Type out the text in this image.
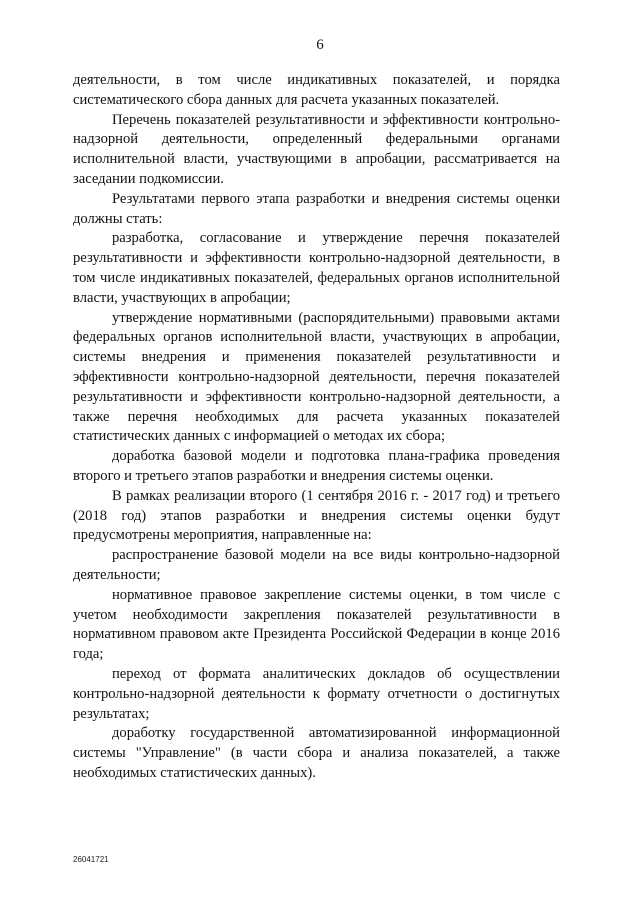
6

деятельности, в том числе индикативных показателей, и порядка систематического сбора данных для расчета указанных показателей.

Перечень показателей результативности и эффективности контрольно-надзорной деятельности, определенный федеральными органами исполнительной власти, участвующими в апробации, рассматривается на заседании подкомиссии.

Результатами первого этапа разработки и внедрения системы оценки должны стать:

разработка, согласование и утверждение перечня показателей результативности и эффективности контрольно-надзорной деятельности, в том числе индикативных показателей, федеральных органов исполнительной власти, участвующих в апробации;

утверждение нормативными (распорядительными) правовыми актами федеральных органов исполнительной власти, участвующих в апробации, системы внедрения и применения показателей результативности и эффективности контрольно-надзорной деятельности, перечня показателей результативности и эффективности контрольно-надзорной деятельности, а также перечня необходимых для расчета указанных показателей статистических данных с информацией о методах их сбора;

доработка базовой модели и подготовка плана-графика проведения второго и третьего этапов разработки и внедрения системы оценки.

В рамках реализации второго (1 сентября 2016 г. - 2017 год) и третьего (2018 год) этапов разработки и внедрения системы оценки будут предусмотрены мероприятия, направленные на:

распространение базовой модели на все виды контрольно-надзорной деятельности;

нормативное правовое закрепление системы оценки, в том числе с учетом необходимости закрепления показателей результативности в нормативном правовом акте Президента Российской Федерации в конце 2016 года;

переход от формата аналитических докладов об осуществлении контрольно-надзорной деятельности к формату отчетности о достигнутых результатах;

доработку государственной автоматизированной информационной системы "Управление" (в части сбора и анализа показателей, а также необходимых статистических данных).

26041721
